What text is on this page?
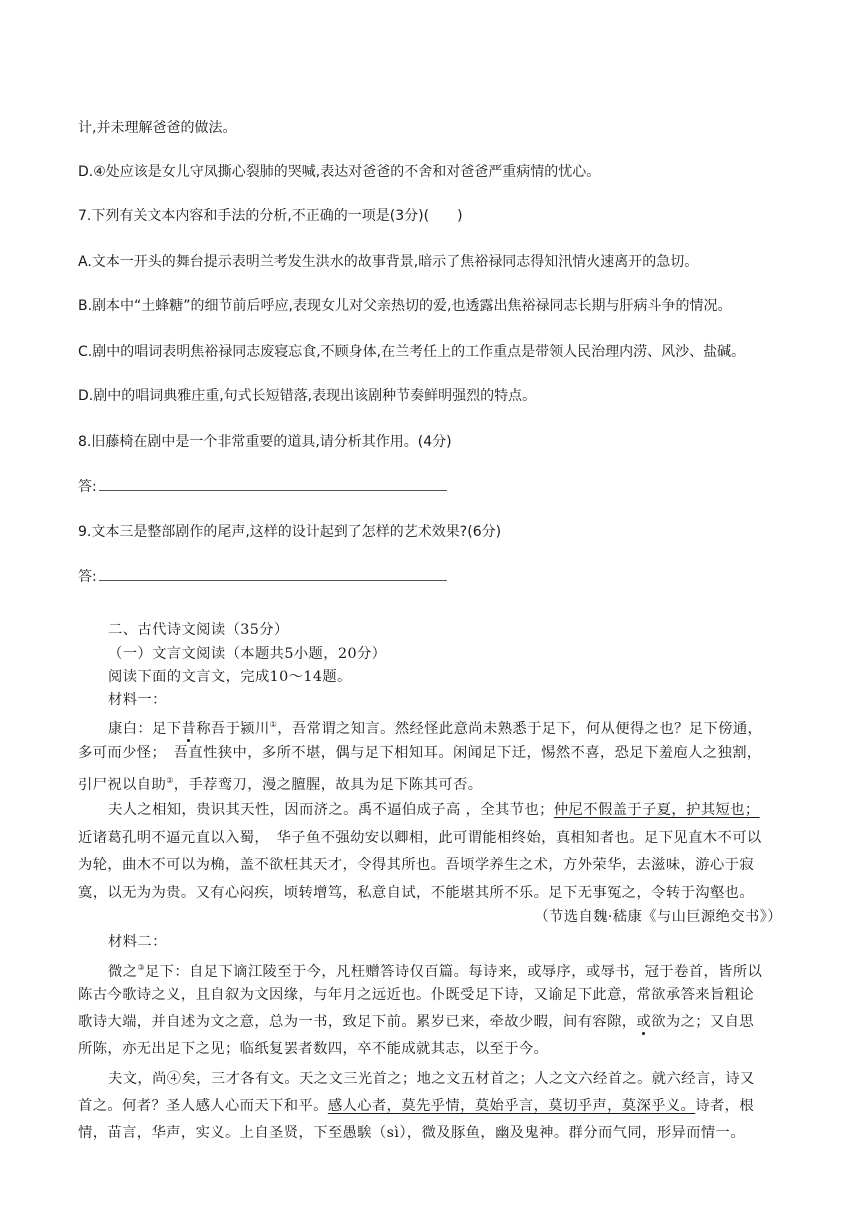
计,并未理解爸爸的做法。
D.④处应该是女儿守凤撕心裂肺的哭喊,表达对爸爸的不舍和对爸爸严重病情的忧心。
7.下列有关文本内容和手法的分析,不正确的一项是(3分)(　　)
A.文本一开头的舞台提示表明兰考发生洪水的故事背景,暗示了焦裕禄同志得知汛情火速离开的急切。
B.剧本中“土蜂糖”的细节前后呼应,表现女儿对父亲热切的爱,也透露出焦裕禄同志长期与肝病斗争的情况。
C.剧中的唱词表明焦裕禄同志废寝忘食,不顾身体,在兰考任上的工作重点是带领人民治理内涝、风沙、盐碱。
D.剧中的唱词典雅庄重,句式长短错落,表现出该剧种节奏鲜明强烈的特点。
8.旧藤椅在剧中是一个非常重要的道具,请分析其作用。(4分)
答:
9.文本三是整部剧作的尾声,这样的设计起到了怎样的艺术效果?(6分)
答:
二、古代诗文阅读（35分）
（一）文言文阅读（本题共5小题，20分）
阅读下面的文言文，完成10～14题。
材料一：
康白：足下昔称吾于颍川①，吾常谓之知言。然经怪此意尚未熟悉于足下，何从便得之也？足下傍通，
多可而少怪；　吾直性狭中，多所不堪，偶与足下相知耳。闲闻足下迁，惕然不喜，恐足下羞庖人之独割，
引尸祝以自助②，手荐鸾刀，漫之膻腥，故具为足下陈其可否。
夫人之相知，贵识其天性，因而济之。禹不逼伯成子高 ，全其节也；仲尼不假盖于子夏，护其短也；
近诸葛孔明不逼元直以入蜀，　华子鱼不强幼安以卿相，此可谓能相终始，真相知者也。足下见直木不可以
为轮，曲木不可以为桷，盖不欲枉其天才，令得其所也。吾顷学养生之术，方外荣华，去滋味，游心于寂
寞，以无为为贵。又有心闷疾，顷转增笃，私意自试，不能堪其所不乐。足下无事冤之，令转于沟壑也。
（节选自魏·嵇康《与山巨源绝交书》）
材料二：
微之③足下：自足下谪江陵至于今，凡枉赠答诗仅百篇。每诗来，或辱序，或辱书，冠于卷首，皆所以
陈古今歌诗之义，且自叙为文因缘，与年月之远近也。仆既受足下诗，又谕足下此意，常欲承答来旨粗论
歌诗大端，并自述为文之意，总为一书，致足下前。累岁已来，牵故少暇，间有容隙，或欲为之；又自思
所陈，亦无出足下之见；临纸复罢者数四，卒不能成就其志，以至于今。
夫文，尚④矣，三才各有文。天之文三光首之；地之文五材首之；人之文六经首之。就六经言，诗又
首之。何者？圣人感人心而天下和平。感人心者，莫先乎情，莫始乎言，莫切乎声，莫深乎义。诗者，根
情，苗言，华声，实义。上自圣贤，下至愚騃（sì），微及豚鱼，幽及鬼神。群分而气同，形异而情一。
